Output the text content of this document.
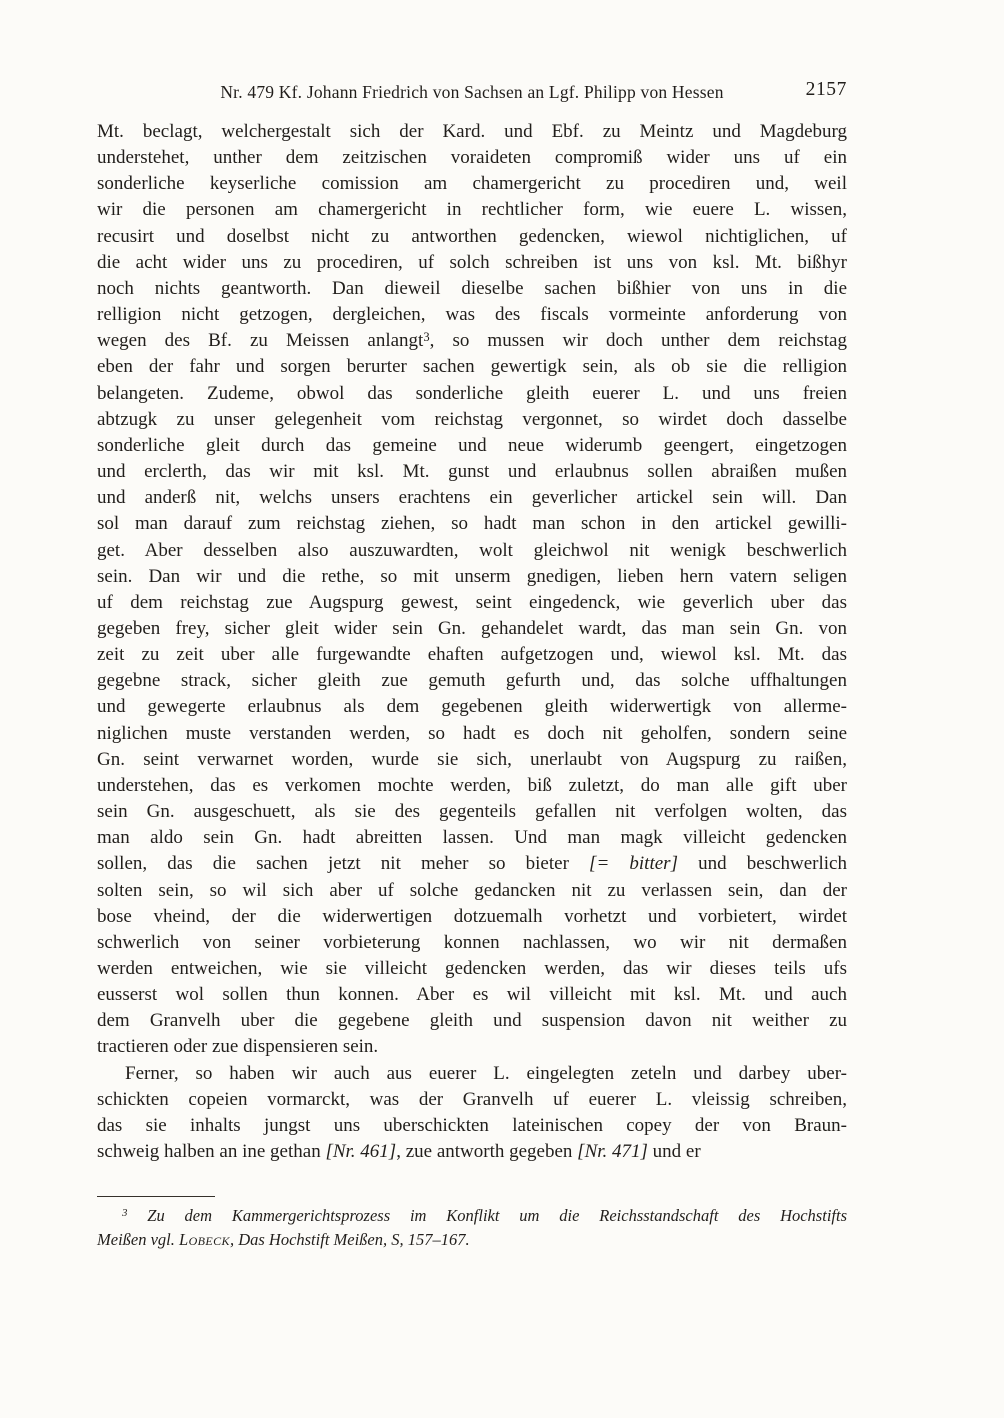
Nr. 479 Kf. Johann Friedrich von Sachsen an Lgf. Philipp von Hessen	2157
Mt. beclagt, welchergestalt sich der Kard. und Ebf. zu Meintz und Magdeburg
understehet, unther dem zeitzischen voraideten compromiß wider uns uf ein
sonderliche keyserliche comission am chamergericht zu procediren und, weil
wir die personen am chamergericht in rechtlicher form, wie euere L. wissen,
recusirt und doselbst nicht zu antworthen gedencken, wiewol nichtiglichen, uf
die acht wider uns zu procediren, uf solch schreiben ist uns von ksl. Mt. bißhyr
noch nichts geantworth. Dan dieweil dieselbe sachen bißhier von uns in die
relligion nicht getzogen, dergleichen, was des fiscals vormeinte anforderung von
wegen des Bf. zu Meissen anlangt$^3$, so mussen wir doch unther dem reichstag
eben der fahr und sorgen berurter sachen gewertigk sein, als ob sie die relligion
belangeten. Zudeme, obwol das sonderliche gleith euerer L. und uns freien
abtzugk zu unser gelegenheit vom reichstag vergonnet, so wirdet doch dasselbe
sonderliche gleit durch das gemeine und neue widerumb geengert, eingetzogen
und erclerth, das wir mit ksl. Mt. gunst und erlaubnus sollen abraißen mußen
und anderß nit, welchs unsers erachtens ein geverlicher artickel sein will. Dan
sol man darauf zum reichstag ziehen, so hadt man schon in den artickel gewilli-
get. Aber desselben also auszuwardten, wolt gleichwol nit wenigk beschwerlich
sein. Dan wir und die rethe, so mit unserm gnedigen, lieben hern vatern seligen
uf dem reichstag zue Augspurg gewest, seint eingedenck, wie geverlich uber das
gegeben frey, sicher gleit wider sein Gn. gehandelet wardt, das man sein Gn. von
zeit zu zeit uber alle furgewandte ehaften aufgetzogen und, wiewol ksl. Mt. das
gegebne strack, sicher gleith zue gemuth gefurth und, das solche uffhaltungen
und gewegerte erlaubnus als dem gegebenen gleith widerwertigk von allerme-
niglichen muste verstanden werden, so hadt es doch nit geholfen, sondern seine
Gn. seint verwarnet worden, wurde sie sich, unerlaubt von Augspurg zu raißen,
understehen, das es verkomen mochte werden, biß zuletzt, do man alle gift uber
sein Gn. ausgeschuett, als sie des gegenteils gefallen nit verfolgen wolten, das
man aldo sein Gn. hadt abreitten lassen. Und man magk villeicht gedencken
sollen, das die sachen jetzt nit meher so bieter [= bitter] und beschwerlich
solten sein, so wil sich aber uf solche gedancken nit zu verlassen sein, dan der
bose vheind, der die widerwertigen dotzuemalh vorhetzt und vorbietert, wirdet
schwerlich von seiner vorbieterung konnen nachlassen, wo wir nit dermaßen
werden entweichen, wie sie villeicht gedencken werden, das wir dieses teils ufs
eusserst wol sollen thun konnen. Aber es wil villeicht mit ksl. Mt. und auch
dem Granvelh uber die gegebene gleith und suspension davon nit weither zu
tractieren oder zue dispensieren sein.
Ferner, so haben wir auch aus euerer L. eingelegten zeteln und darbey uber-
schickten copeien vormarckt, was der Granvelh uf euerer L. vleissig schreiben,
das sie inhalts jungst uns uberschickten lateinischen copey der von Braun-
schweig halben an ine gethan [Nr. 461], zue antworth gegeben [Nr. 471] und er
$^3$ Zu dem Kammergerichtsprozess im Konflikt um die Reichsstandschaft des Hochstifts
Meißen vgl. Lobeck, Das Hochstift Meißen, S, 157–167.
